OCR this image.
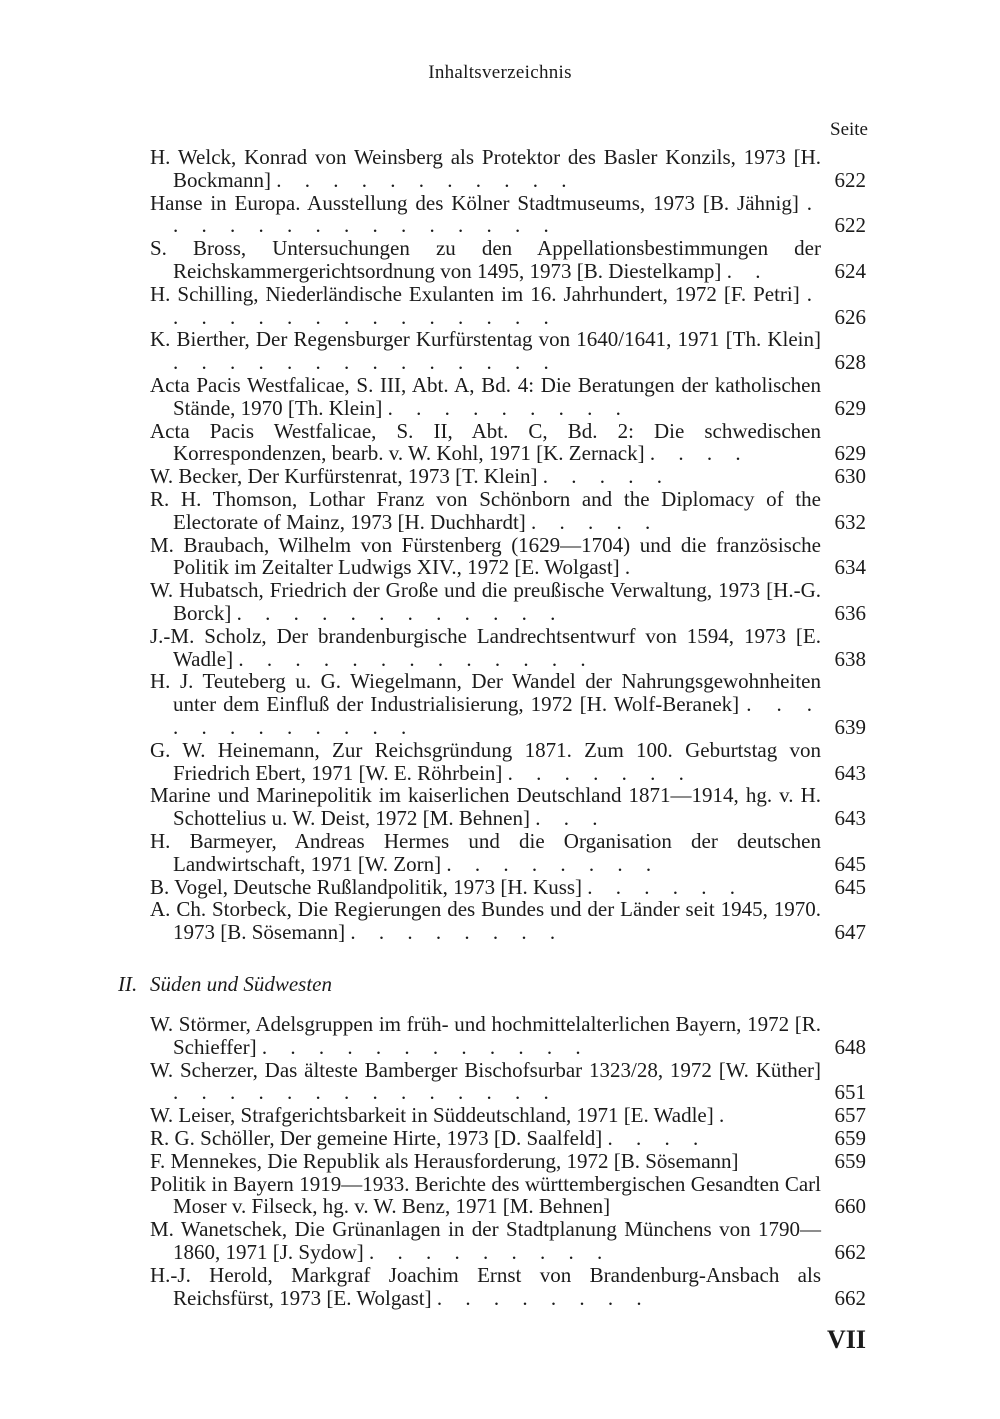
Inhaltsverzeichnis
Seite
H. Welck, Konrad von Weinsberg als Protektor des Basler Konzils, 1973 [H. Bockmann] . . . . . . . . . . .	622
Hanse in Europa. Ausstellung des Kölner Stadtmuseums, 1973 [B. Jähnig] . . . . . . . . . . . . . . .	622
S. Bross, Untersuchungen zu den Appellationsbestimmungen der Reichskammergerichtsordnung von 1495, 1973 [B. Diestelkamp] . .	624
H. Schilling, Niederländische Exulanten im 16. Jahrhundert, 1972 [F. Petri] . . . . . . . . . . . . . . .	626
K. Bierther, Der Regensburger Kurfürstentag von 1640/1641, 1971 [Th. Klein] . . . . . . . . . . . . . .	628
Acta Pacis Westfalicae, S. III, Abt. A, Bd. 4: Die Beratungen der katholischen Stände, 1970 [Th. Klein] . . . . . . . . .	629
Acta Pacis Westfalicae, S. II, Abt. C, Bd. 2: Die schwedischen Korrespondenzen, bearb. v. W. Kohl, 1971 [K. Zernack] . . . .	629
W. Becker, Der Kurfürstenrat, 1973 [T. Klein] . . . . .	630
R. H. Thomson, Lothar Franz von Schönborn and the Diplomacy of the Electorate of Mainz, 1973 [H. Duchhardt] . . . . .	632
M. Braubach, Wilhelm von Fürstenberg (1629—1704) und die französische Politik im Zeitalter Ludwigs XIV., 1972 [E. Wolgast] .	634
W. Hubatsch, Friedrich der Große und die preußische Verwaltung, 1973 [H.-G. Borck] . . . . . . . . . . . .	636
J.-M. Scholz, Der brandenburgische Landrechtsentwurf von 1594, 1973 [E. Wadle] . . . . . . . . . . . . .	638
H. J. Teuteberg u. G. Wiegelmann, Der Wandel der Nahrungsgewohnheiten unter dem Einfluß der Industrialisierung, 1972 [H. Wolf-Beranek] . . . . . . . . . . . .	639
G. W. Heinemann, Zur Reichsgründung 1871. Zum 100. Geburtstag von Friedrich Ebert, 1971 [W. E. Röhrbein] . . . . . . .	643
Marine und Marinepolitik im kaiserlichen Deutschland 1871—1914, hg. v. H. Schottelius u. W. Deist, 1972 [M. Behnen] . . .	643
H. Barmeyer, Andreas Hermes und die Organisation der deutschen Landwirtschaft, 1971 [W. Zorn] . . . . . . . .	645
B. Vogel, Deutsche Rußlandpolitik, 1973 [H. Kuss] . . . . . .	645
A. Ch. Storbeck, Die Regierungen des Bundes und der Länder seit 1945, 1970. 1973 [B. Sösemann] . . . . . . . .	647
II. Süden und Südwesten
W. Störmer, Adelsgruppen im früh- und hochmittelalterlichen Bayern, 1972 [R. Schieffer] . . . . . . . . . . . .	648
W. Scherzer, Das älteste Bamberger Bischofsurbar 1323/28, 1972 [W. Küther] . . . . . . . . . . . . . .	651
W. Leiser, Strafgerichtsbarkeit in Süddeutschland, 1971 [E. Wadle] .	657
R. G. Schöller, Der gemeine Hirte, 1973 [D. Saalfeld] . . . .	659
F. Mennekes, Die Republik als Herausforderung, 1972 [B. Sösemann]	659
Politik in Bayern 1919—1933. Berichte des württembergischen Gesandten Carl Moser v. Filseck, hg. v. W. Benz, 1971 [M. Behnen]	660
M. Wanetschek, Die Grünanlagen in der Stadtplanung Münchens von 1790—1860, 1971 [J. Sydow] . . . . . . . . .	662
H.-J. Herold, Markgraf Joachim Ernst von Brandenburg-Ansbach als Reichsfürst, 1973 [E. Wolgast] . . . . . . . .	662
VII
